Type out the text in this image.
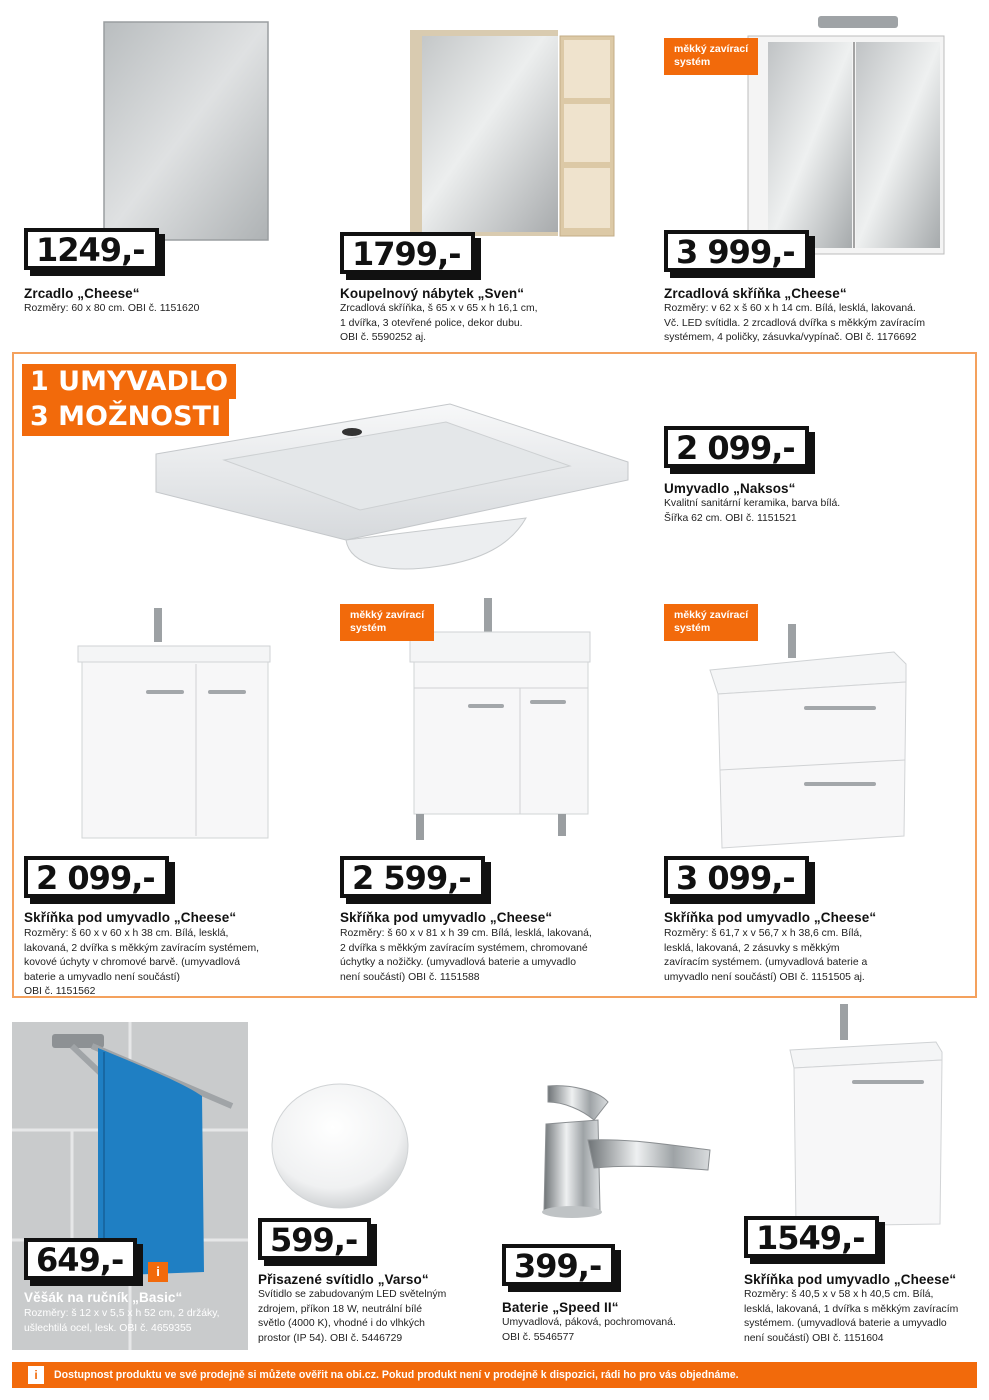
1249,-
Zrcadlo „Cheese“
Rozměry: 60 x 80 cm. OBI č. 1151620
1799,-
Koupelnový nábytek „Sven“
Zrcadlová skříňka, š 65 x v 65 x h 16,1 cm,
1 dvířka, 3 otevřené police, dekor dubu.
OBI č. 5590252 aj.
měkký zavírací
systém
3 999,-
Zrcadlová skříňka „Cheese“
Rozměry: v 62 x š 60 x h 14 cm. Bílá, lesklá, lakovaná.
Vč. LED svítidla. 2 zrcadlová dvířka s měkkým zavíracím
systémem, 4 poličky, zásuvka/vypínač. OBI č. 1176692
1 UMYVADLO
3 MOŽNOSTI
2 099,-
Umyvadlo „Naksos“
Kvalitní sanitární keramika, barva bílá.
Šířka 62 cm. OBI č. 1151521
2 099,-
Skříňka pod umyvadlo „Cheese“
Rozměry: š 60 x v 60 x h 38 cm. Bílá, lesklá,
lakovaná, 2 dvířka s měkkým zavíracím systémem,
kovové úchyty v chromové barvě. (umyvadlová
baterie a umyvadlo není součástí)
OBI č. 1151562
měkký zavírací
systém
2 599,-
Skříňka pod umyvadlo „Cheese“
Rozměry: š 60 x v 81 x h 39 cm. Bílá, lesklá, lakovaná,
2 dvířka s měkkým zavíracím systémem, chromované
úchytky a nožičky. (umyvadlová baterie a umyvadlo
není součástí) OBI č. 1151588
měkký zavírací
systém
3 099,-
Skříňka pod umyvadlo „Cheese“
Rozměry: š 61,7 x v 56,7 x h 38,6 cm. Bílá,
lesklá, lakovaná, 2 zásuvky s měkkým
zavíracím systémem. (umyvadlová baterie a
umyvadlo není součástí) OBI č. 1151505 aj.
649,-	i
Věšák na ručník „Basic“
Rozměry: š 12 x v 5,5 x h 52 cm, 2 držáky,
ušlechtilá ocel, lesk. OBI č. 4659355
599,-
Přisazené svítidlo „Varso“
Svítidlo se zabudovaným LED světelným
zdrojem, příkon 18 W, neutrální bílé
světlo (4000 K), vhodné i do vlhkých
prostor (IP 54). OBI č. 5446729
399,-
Baterie „Speed II“
Umyvadlová, páková, pochromovaná.
OBI č. 5546577
1549,-
Skříňka pod umyvadlo „Cheese“
Rozměry: š 40,5 x v 58 x h 40,5 cm. Bílá,
lesklá, lakovaná, 1 dvířka s měkkým zavíracím
systémem. (umyvadlová baterie a umyvadlo
není součástí) OBI č. 1151604
i	Dostupnost produktu ve své prodejně si můžete ověřit na obi.cz. Pokud produkt není v prodejně k dispozici, rádi ho pro vás objednáme.
